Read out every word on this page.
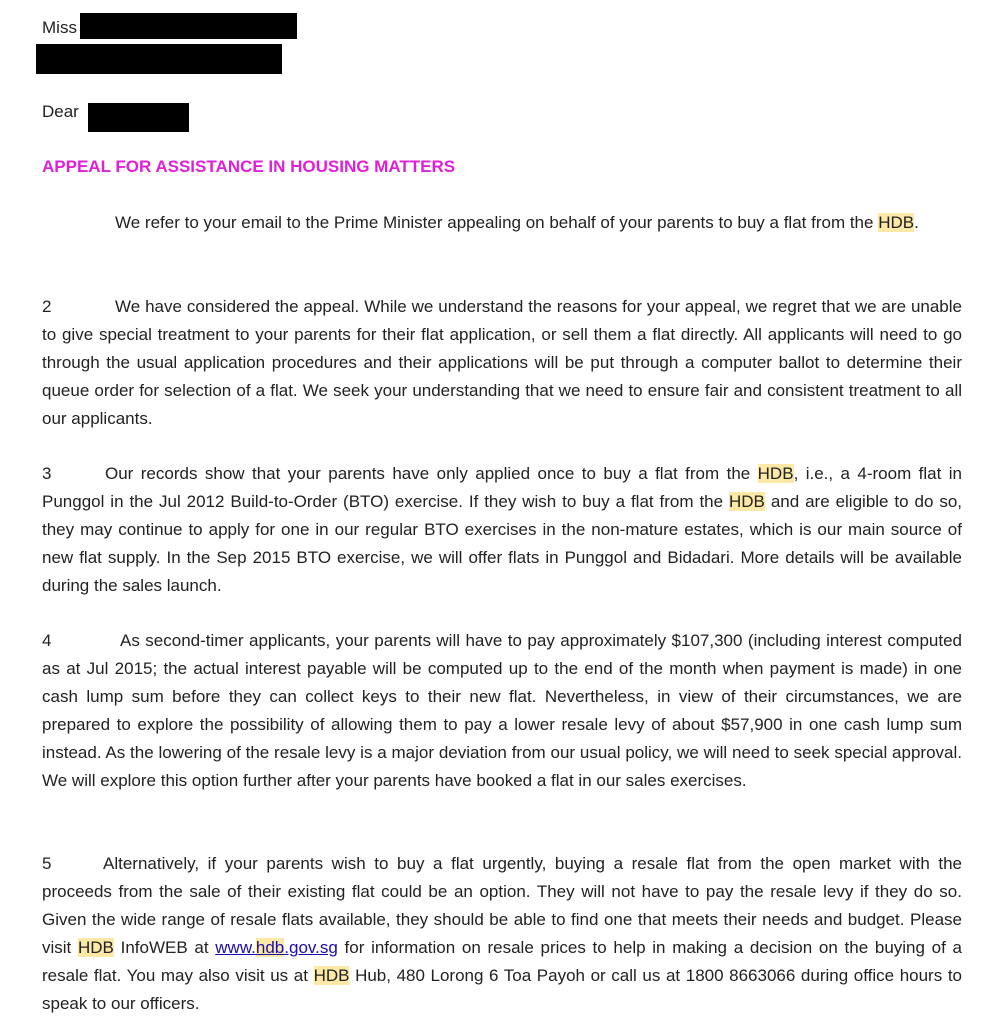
Miss
Dear
APPEAL FOR ASSISTANCE IN HOUSING MATTERS
We refer to your email to the Prime Minister appealing on behalf of your parents to buy a flat from the HDB.
2	We have considered the appeal. While we understand the reasons for your appeal, we regret that we are unable to give special treatment to your parents for their flat application, or sell them a flat directly. All applicants will need to go through the usual application procedures and their applications will be put through a computer ballot to determine their queue order for selection of a flat. We seek your understanding that we need to ensure fair and consistent treatment to all our applicants.
3	Our records show that your parents have only applied once to buy a flat from the HDB, i.e., a 4-room flat in Punggol in the Jul 2012 Build-to-Order (BTO) exercise. If they wish to buy a flat from the HDB and are eligible to do so, they may continue to apply for one in our regular BTO exercises in the non-mature estates, which is our main source of new flat supply. In the Sep 2015 BTO exercise, we will offer flats in Punggol and Bidadari. More details will be available during the sales launch.
4	As second-timer applicants, your parents will have to pay approximately $107,300 (including interest computed as at Jul 2015; the actual interest payable will be computed up to the end of the month when payment is made) in one cash lump sum before they can collect keys to their new flat. Nevertheless, in view of their circumstances, we are prepared to explore the possibility of allowing them to pay a lower resale levy of about $57,900 in one cash lump sum instead. As the lowering of the resale levy is a major deviation from our usual policy, we will need to seek special approval. We will explore this option further after your parents have booked a flat in our sales exercises.
5	Alternatively, if your parents wish to buy a flat urgently, buying a resale flat from the open market with the proceeds from the sale of their existing flat could be an option. They will not have to pay the resale levy if they do so. Given the wide range of resale flats available, they should be able to find one that meets their needs and budget. Please visit HDB InfoWEB at www.hdb.gov.sg for information on resale prices to help in making a decision on the buying of a resale flat. You may also visit us at HDB Hub, 480 Lorong 6 Toa Payoh or call us at 1800 8663066 during office hours to speak to our officers.
